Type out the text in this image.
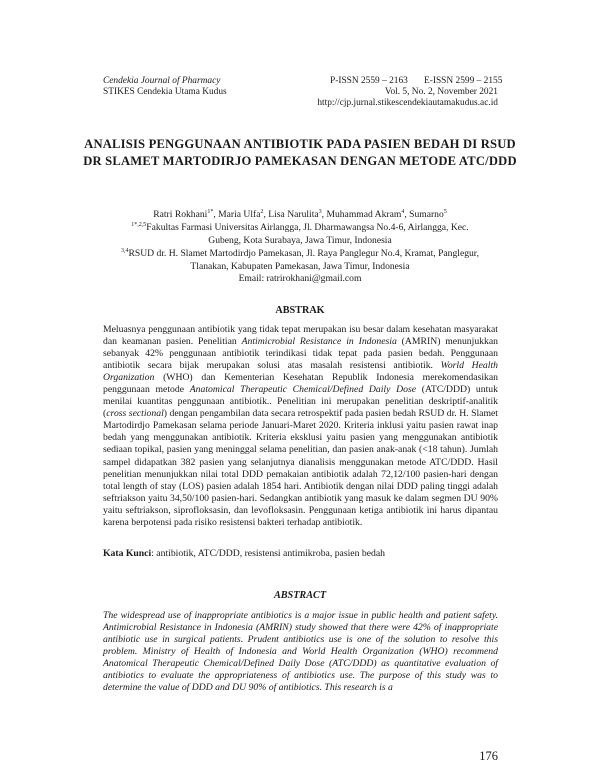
Cendekia Journal of Pharmacy
STIKES Cendekia Utama Kudus
P-ISSN 2559 – 2163 E-ISSN 2599 – 2155
Vol. 5, No. 2, November 2021
http://cjp.jurnal.stikescendekiautamakudus.ac.id
ANALISIS PENGGUNAAN ANTIBIOTIK PADA PASIEN BEDAH DI RSUD DR SLAMET MARTODIRJO PAMEKASAN DENGAN METODE ATC/DDD
Ratri Rokhani$^{1*}$, Maria Ulfa$^2$, Lisa Narulita$^3$, Muhammad Akram$^4$, Sumarno$^5$
$^{1*,2,5}$Fakultas Farmasi Universitas Airlangga, Jl. Dharmawangsa No.4-6, Airlangga, Kec.
Gubeng, Kota Surabaya, Jawa Timur, Indonesia
$^{3,4}$RSUD dr. H. Slamet Martodirdjo Pamekasan, Jl. Raya Panglegur No.4, Kramat, Panglegur,
Tlanakan, Kabupaten Pamekasan, Jawa Timur, Indonesia
Email: ratrirokhani@gmail.com
ABSTRAK
Meluasnya penggunaan antibiotik yang tidak tepat merupakan isu besar dalam kesehatan masyarakat dan keamanan pasien. Penelitian Antimicrobial Resistance in Indonesia (AMRIN) menunjukkan sebanyak 42% penggunaan antibiotik terindikasi tidak tepat pada pasien bedah. Penggunaan antibiotik secara bijak merupakan solusi atas masalah resistensi antibiotik. World Health Organization (WHO) dan Kementerian Kesehatan Republik Indonesia merekomendasikan penggunaan metode Anatomical Therapeutic Chemical/Defined Daily Dose (ATC/DDD) untuk menilai kuantitas penggunaan antibiotik.. Penelitian ini merupakan penelitian deskriptif-analitik (cross sectional) dengan pengambilan data secara retrospektif pada pasien bedah RSUD dr. H. Slamet Martodirdjo Pamekasan selama periode Januari-Maret 2020. Kriteria inklusi yaitu pasien rawat inap bedah yang menggunakan antibiotik. Kriteria eksklusi yaitu pasien yang menggunakan antibiotik sediaan topikal, pasien yang meninggal selama penelitian, dan pasien anak-anak (<18 tahun). Jumlah sampel didapatkan 382 pasien yang selanjutnya dianalisis menggunakan metode ATC/DDD. Hasil penelitian menunjukkan nilai total DDD pemakaian antibiotik adalah 72,12/100 pasien-hari dengan total length of stay (LOS) pasien adalah 1854 hari. Antibiotik dengan nilai DDD paling tinggi adalah seftriakson yaitu 34,50/100 pasien-hari. Sedangkan antibiotik yang masuk ke dalam segmen DU 90% yaitu seftriakson, siprofloksasin, dan levofloksasin. Penggunaan ketiga antibiotik ini harus dipantau karena berpotensi pada risiko resistensi bakteri terhadap antibiotik.
Kata Kunci: antibiotik, ATC/DDD, resistensi antimikroba, pasien bedah
ABSTRACT
The widespread use of inappropriate antibiotics is a major issue in public health and patient safety. Antimicrobial Resistance in Indonesia (AMRIN) study showed that there were 42% of inappropriate antibiotic use in surgical patients. Prudent antibiotics use is one of the solution to resolve this problem. Ministry of Health of Indonesia and World Health Organization (WHO) recommend Anatomical Therapeutic Chemical/Defined Daily Dose (ATC/DDD) as quantitative evaluation of antibiotics to evaluate the appropriateness of antibiotics use. The purpose of this study was to determine the value of DDD and DU 90% of antibiotics. This research is a
176
